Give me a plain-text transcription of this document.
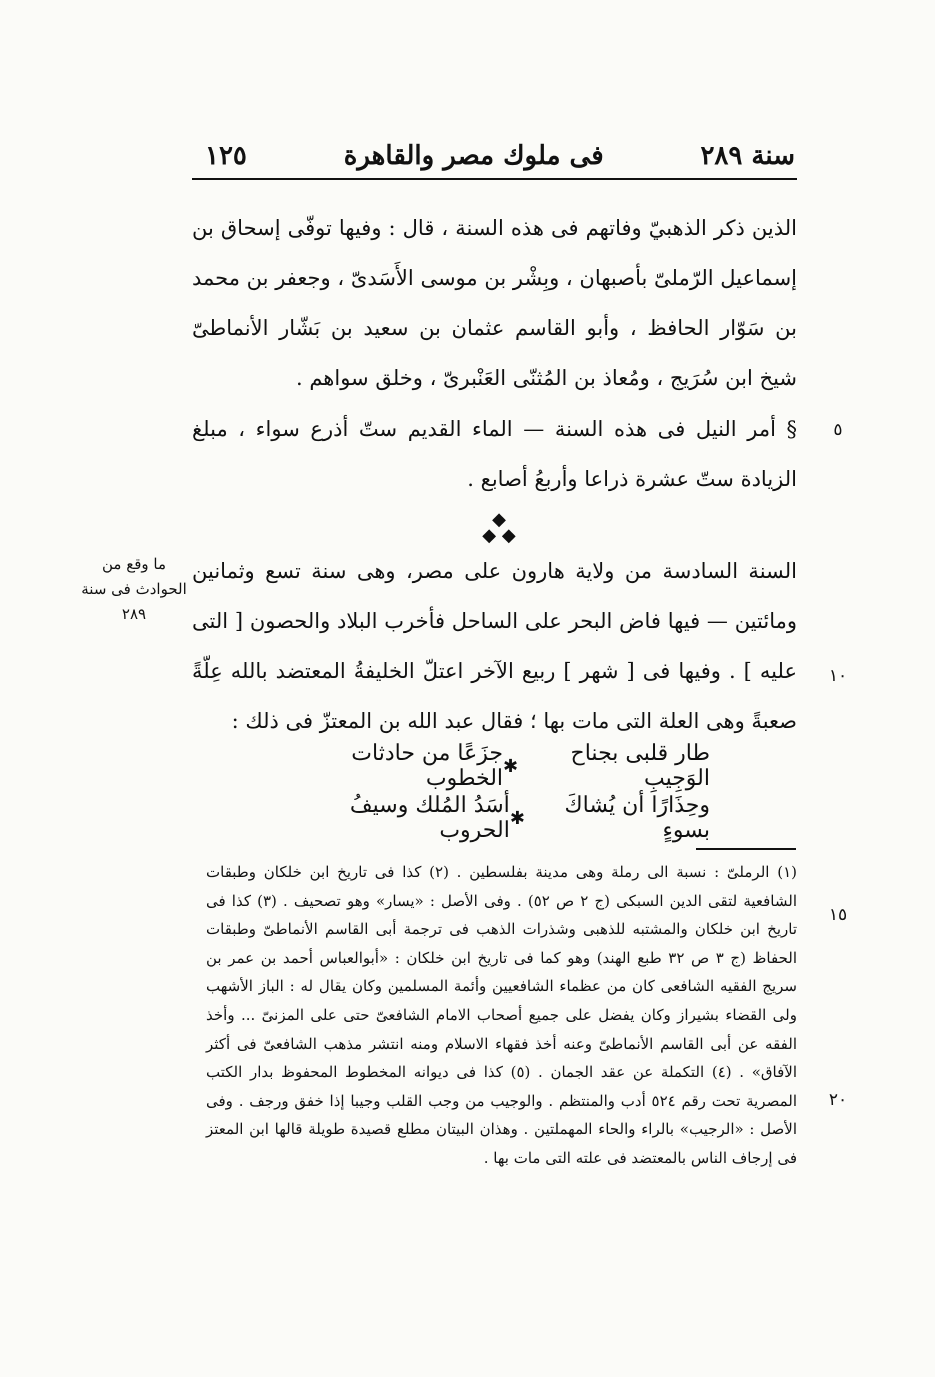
سنة ٢٨٩
فى ملوك مصر والقاهرة
١٢٥
الذين ذكر الذهبيّ وفاتهم فى هذه السنة ، قال : وفيها توفّى إسحاق بن إسماعيل الرّملىّ بأصبهان ، وبِشْر بن موسى الأَسَدىّ ، وجعفر بن محمد بن سَوّار الحافظ ، وأبو القاسم عثمان بن سعيد بن بَشّار الأنماطىّ شيخ ابن سُرَيج ، ومُعاذ بن المُثنّى العَنْبرىّ ، وخلق سواهم .
§ أمر النيل فى هذه السنة — الماء القديم ستّ أذرع سواء ، مبلغ الزيادة ستّ عشرة ذراعا وأربعُ أصابع .
◆
◆ ◆
السنة السادسة من ولاية هارون على مصر، وهى سنة تسع وثمانين ومائتين — فيها فاض البحر على الساحل فأخرب البلاد والحصون [ التى عليه ] . وفيها فى [ شهر ] ربيع الآخر اعتلّ الخليفةُ المعتضد بالله عِلّةً صعبةً وهى العلة التى مات بها ؛ فقال عبد الله بن المعتزّ فى ذلك :
٥
١٠
١٥
٢٠
ما وقع من الحوادث فى سنة ٢٨٩
طار قلبى بجناح الوَجِيبِ
✱
جزَعًا من حادثات الخطوب
وحِذَارًا أن يُشاكَ بسوءٍ
✱
أسَدُ المُلك وسيفُ الحروب
(١) الرملىّ : نسبة الى رملة وهى مدينة بفلسطين . (٢) كذا فى تاريخ ابن خلكان وطبقات الشافعية لتقى الدين السبكى (ج ٢ ص ٥٢) . وفى الأصل : «يسار» وهو تصحيف . (٣) كذا فى تاريخ ابن خلكان والمشتبه للذهبى وشذرات الذهب فى ترجمة أبى القاسم الأنماطىّ وطبقات الحفاظ (ج ٣ ص ٣٢ طبع الهند) وهو كما فى تاريخ ابن خلكان : «أبوالعباس أحمد بن عمر بن سريج الفقيه الشافعى كان من عظماء الشافعيين وأئمة المسلمين وكان يقال له : الباز الأشهب ولى القضاء بشيراز وكان يفضل على جميع أصحاب الامام الشافعىّ حتى على المزنىّ ... وأخذ الفقه عن أبى القاسم الأنماطىّ وعنه أخذ فقهاء الاسلام ومنه انتشر مذهب الشافعىّ فى أكثر الآفاق» . (٤) التكملة عن عقد الجمان . (٥) كذا فى ديوانه المخطوط المحفوظ بدار الكتب المصرية تحت رقم ٥٢٤ أدب والمنتظم . والوجيب من وجب القلب وجيبا إذا خفق ورجف . وفى الأصل : «الرجيب» بالراء والحاء المهملتين . وهذان البيتان مطلع قصيدة طويلة قالها ابن المعتز فى إرجاف الناس بالمعتضد فى علته التى مات بها .
